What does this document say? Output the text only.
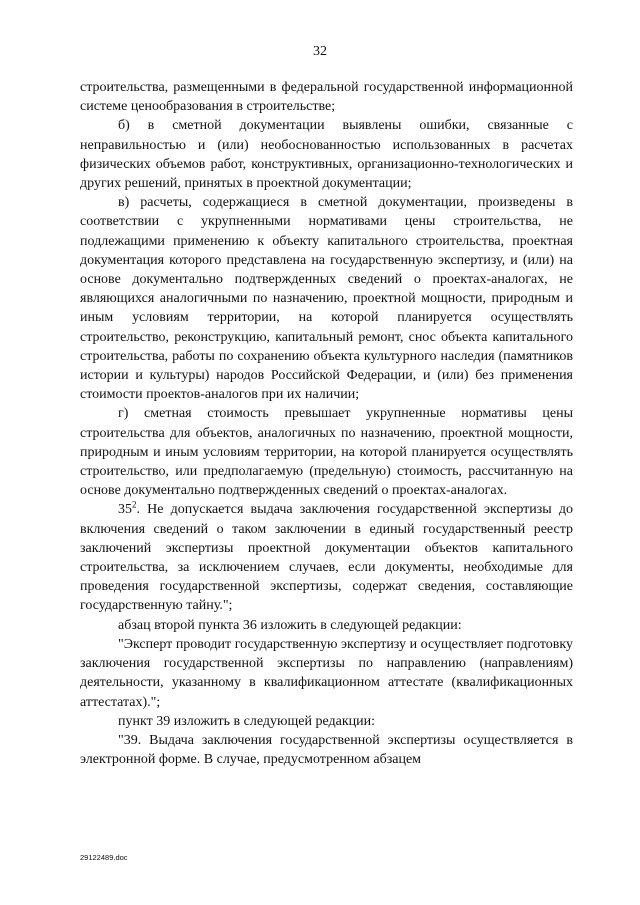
32

строительства, размещенными в федеральной государственной информационной системе ценообразования в строительстве;

б) в сметной документации выявлены ошибки, связанные с неправильностью и (или) необоснованностью использованных в расчетах физических объемов работ, конструктивных, организационно-технологических и других решений, принятых в проектной документации;

в) расчеты, содержащиеся в сметной документации, произведены в соответствии с укрупненными нормативами цены строительства, не подлежащими применению к объекту капитального строительства, проектная документация которого представлена на государственную экспертизу, и (или) на основе документально подтвержденных сведений о проектах-аналогах, не являющихся аналогичными по назначению, проектной мощности, природным и иным условиям территории, на которой планируется осуществлять строительство, реконструкцию, капитальный ремонт, снос объекта капитального строительства, работы по сохранению объекта культурного наследия (памятников истории и культуры) народов Российской Федерации, и (или) без применения стоимости проектов-аналогов при их наличии;

г) сметная стоимость превышает укрупненные нормативы цены строительства для объектов, аналогичных по назначению, проектной мощности, природным и иным условиям территории, на которой планируется осуществлять строительство, или предполагаемую (предельную) стоимость, рассчитанную на основе документально подтвержденных сведений о проектах-аналогах.

$35^2$. Не допускается выдача заключения государственной экспертизы до включения сведений о таком заключении в единый государственный реестр заключений экспертизы проектной документации объектов капитального строительства, за исключением случаев, если документы, необходимые для проведения государственной экспертизы, содержат сведения, составляющие государственную тайну.";

абзац второй пункта 36 изложить в следующей редакции:

"Эксперт проводит государственную экспертизу и осуществляет подготовку заключения государственной экспертизы по направлению (направлениям) деятельности, указанному в квалификационном аттестате (квалификационных аттестатах).";

пункт 39 изложить в следующей редакции:

"39. Выдача заключения государственной экспертизы осуществляется в электронной форме. В случае, предусмотренном абзацем

29122489.doc
